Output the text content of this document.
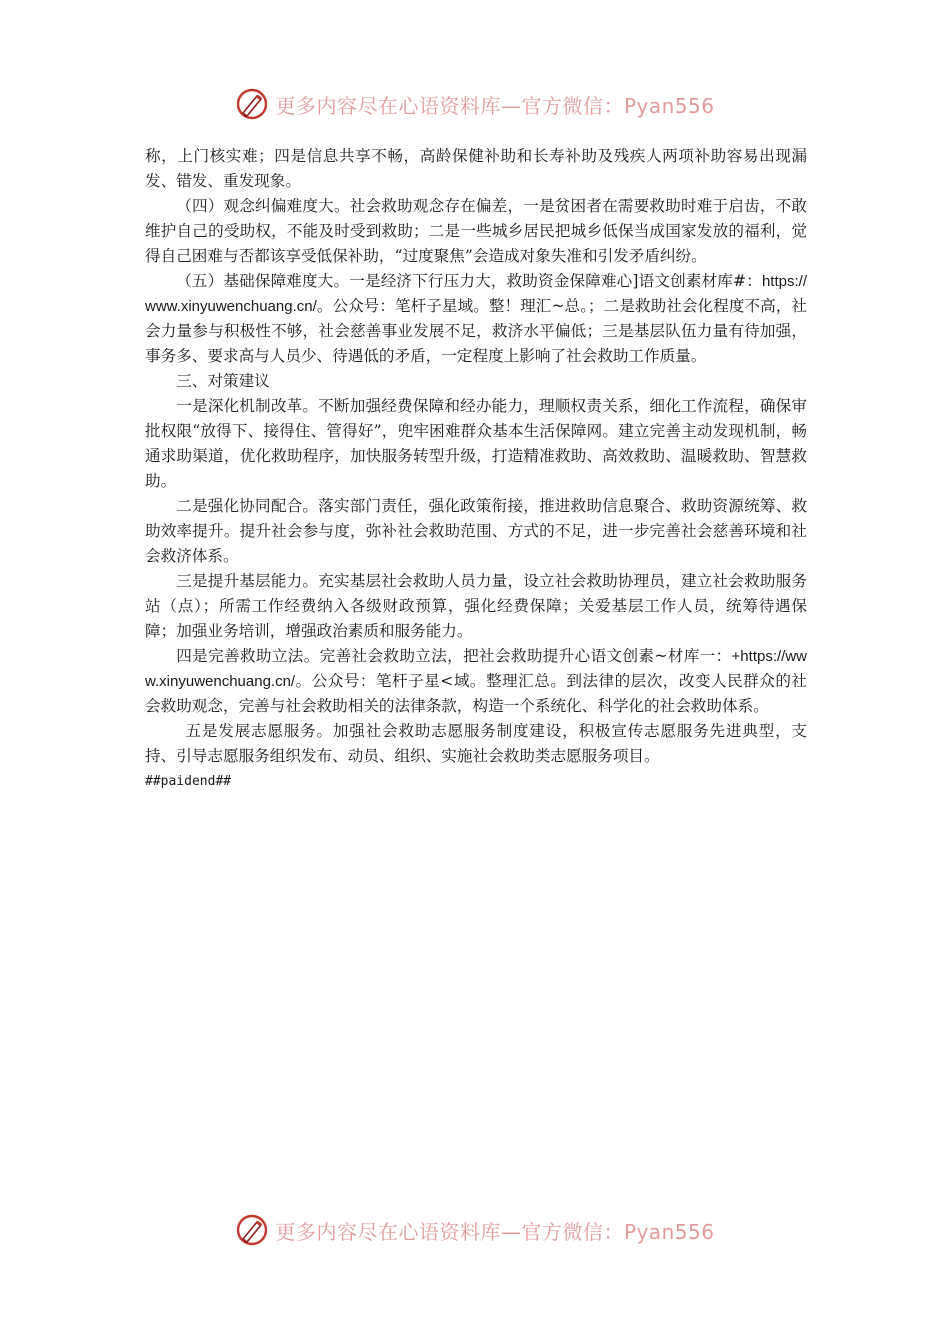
更多内容尽在心语资料库—官方微信：Pyan556

称，上门核实难；四是信息共享不畅，高龄保健补助和长寿补助及残疾人两项补助容易出现漏发、错发、重发现象。

（四）观念纠偏难度大。社会救助观念存在偏差，一是贫困者在需要救助时难于启齿，不敢维护自己的受助权，不能及时受到救助；二是一些城乡居民把城乡低保当成国家发放的福利，觉得自己困难与否都该享受低保补助，“过度聚焦”会造成对象失准和引发矛盾纠纷。

（五）基础保障难度大。一是经济下行压力大，救助资金保障难心]语文创素材库#：https://www.xinyuwenchuang.cn/。公众号：笔杆子星域。整！理汇~总。；二是救助社会化程度不高，社会力量参与积极性不够，社会慈善事业发展不足，救济水平偏低；三是基层队伍力量有待加强，事务多、要求高与人员少、待遇低的矛盾，一定程度上影响了社会救助工作质量。

三、对策建议

一是深化机制改革。不断加强经费保障和经办能力，理顺权责关系，细化工作流程，确保审批权限“放得下、接得住、管得好”，兜牢困难群众基本生活保障网。建立完善主动发现机制，畅通求助渠道，优化救助程序，加快服务转型升级，打造精准救助、高效救助、温暖救助、智慧救助。

二是强化协同配合。落实部门责任，强化政策衔接，推进救助信息聚合、救助资源统筹、救助效率提升。提升社会参与度，弥补社会救助范围、方式的不足，进一步完善社会慈善环境和社会救济体系。

三是提升基层能力。充实基层社会救助人员力量，设立社会救助协理员，建立社会救助服务站（点）；所需工作经费纳入各级财政预算，强化经费保障；关爱基层工作人员，统筹待遇保障；加强业务培训，增强政治素质和服务能力。

四是完善救助立法。完善社会救助立法，把社会救助提升心语文创素~材库一：+https://www.xinyuwenchuang.cn/。公众号：笔杆子星<域。整理汇总。到法律的层次，改变人民群众的社会救助观念，完善与社会救助相关的法律条款，构造一个系统化、科学化的社会救助体系。

五是发展志愿服务。加强社会救助志愿服务制度建设，积极宣传志愿服务先进典型，支持、引导志愿服务组织发布、动员、组织、实施社会救助类志愿服务项目。

##paidend##

更多内容尽在心语资料库—官方微信：Pyan556
